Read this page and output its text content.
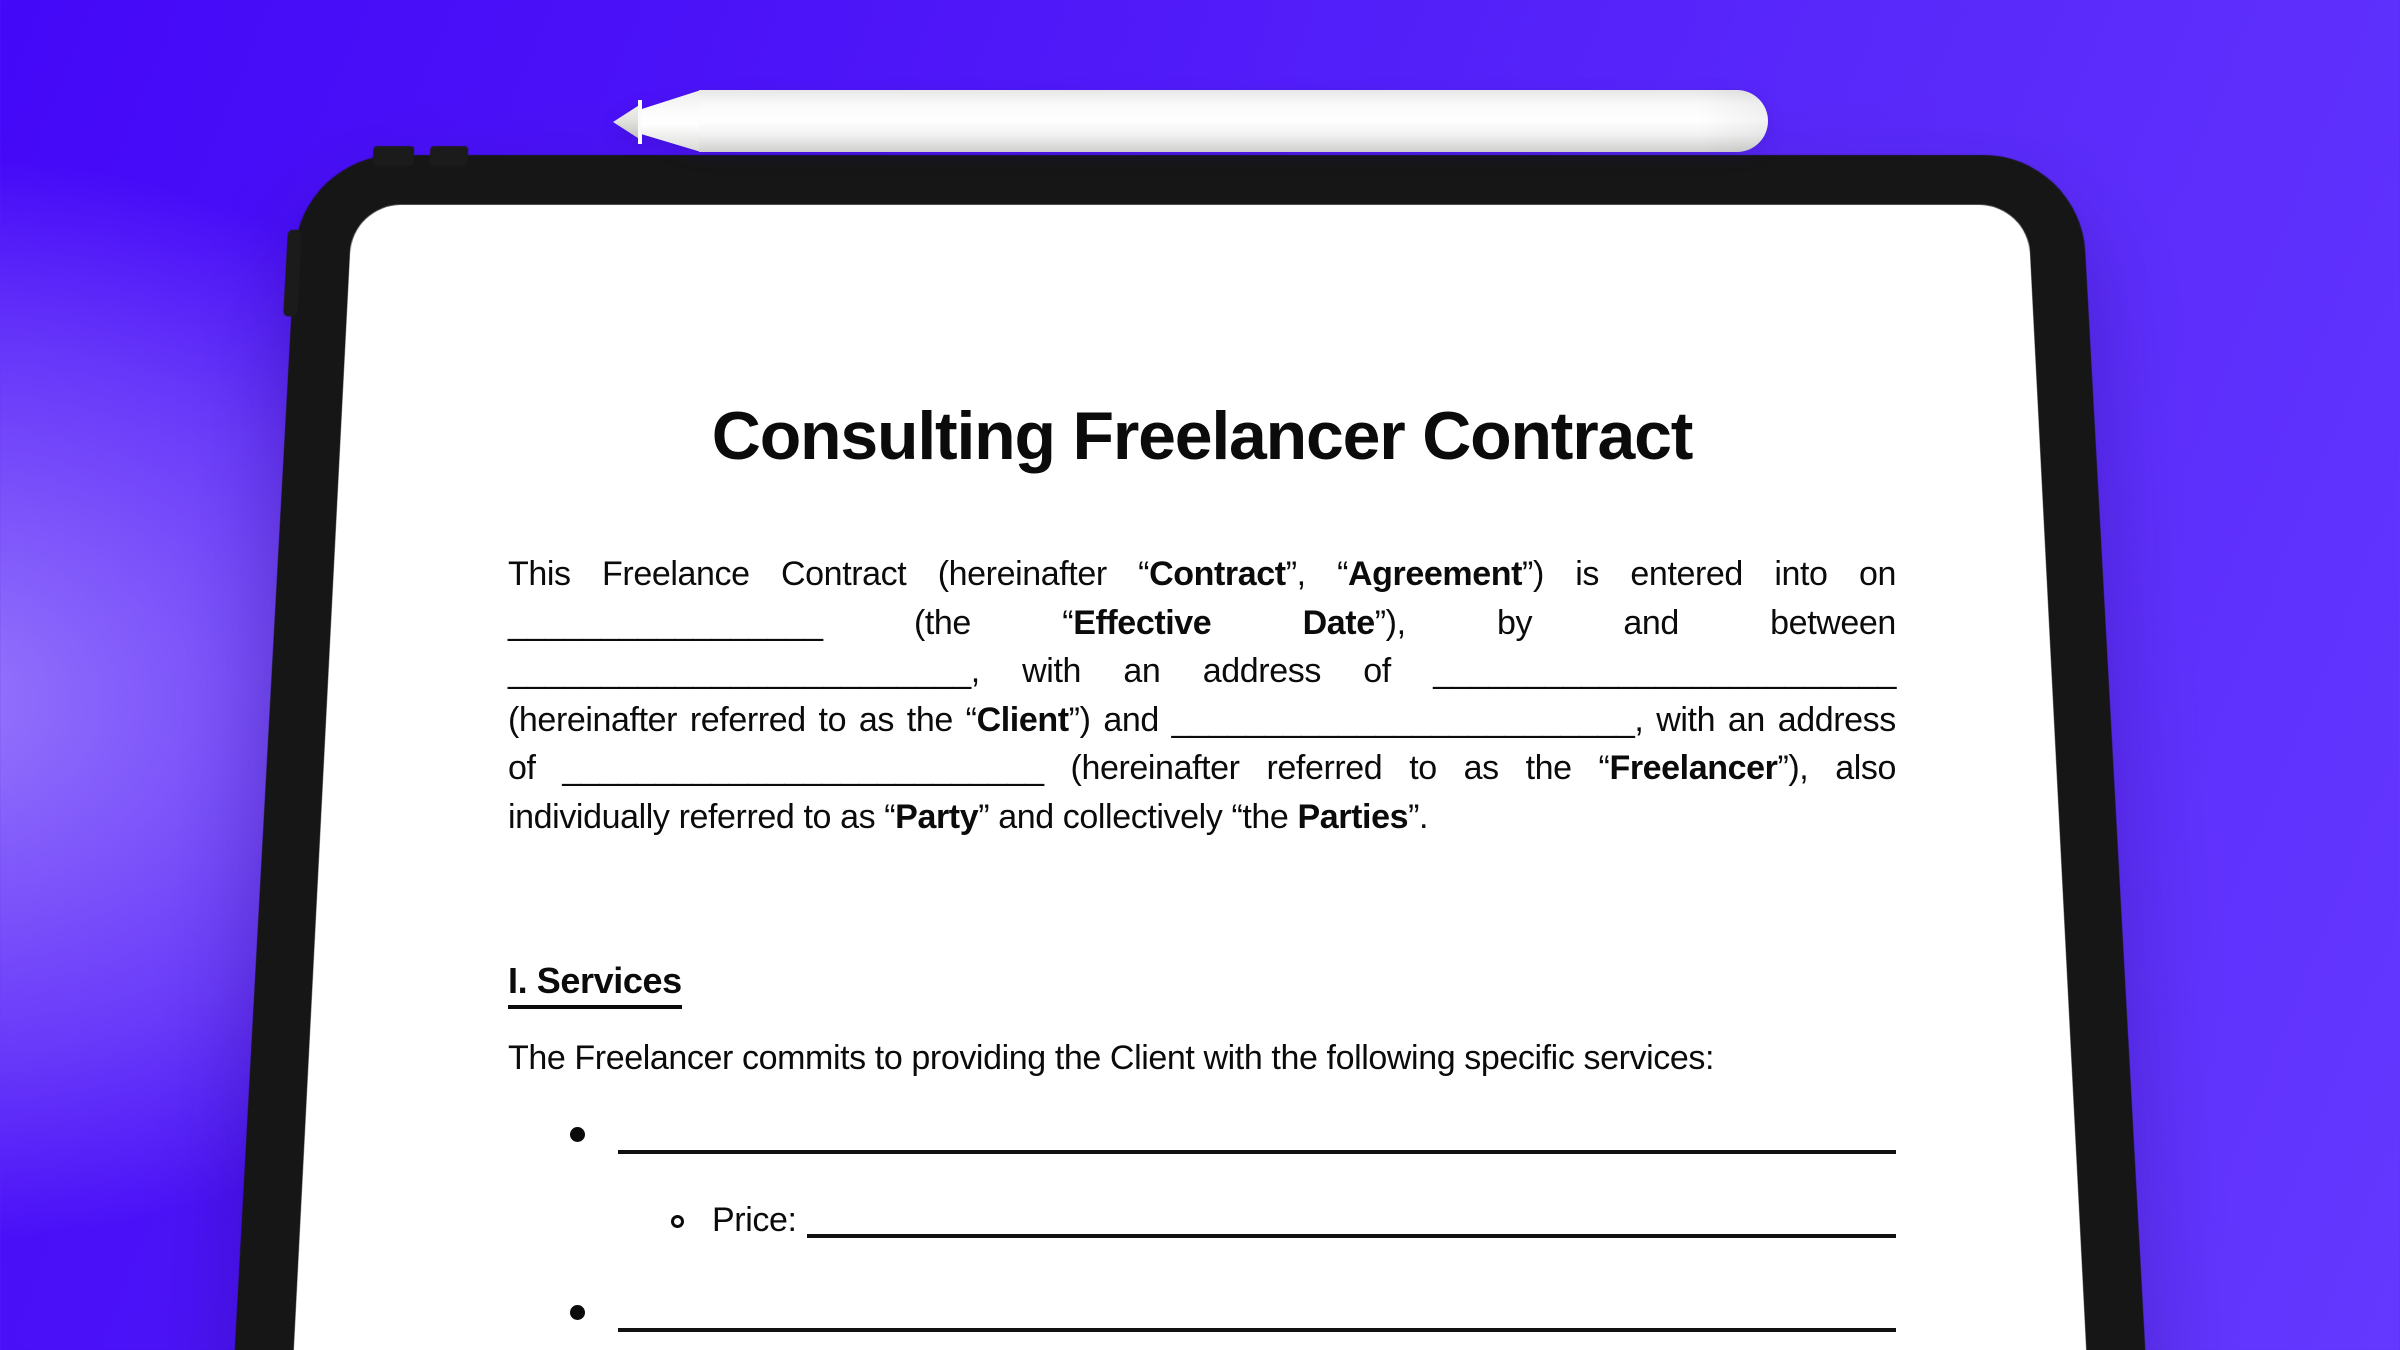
Consulting Freelancer Contract
This Freelance Contract (hereinafter “Contract”, “Agreement”) is entered into on
_________________	(the	“Effective	Date”),	by	and	between
_________________________, with an address of _________________________
(hereinafter referred to as the “Client”) and _________________________, with an address
of __________________________ (hereinafter referred to as the “Freelancer”), also
individually referred to as “Party” and collectively “the Parties”.
I. Services
The Freelancer commits to providing the Client with the following specific services:
Price:
